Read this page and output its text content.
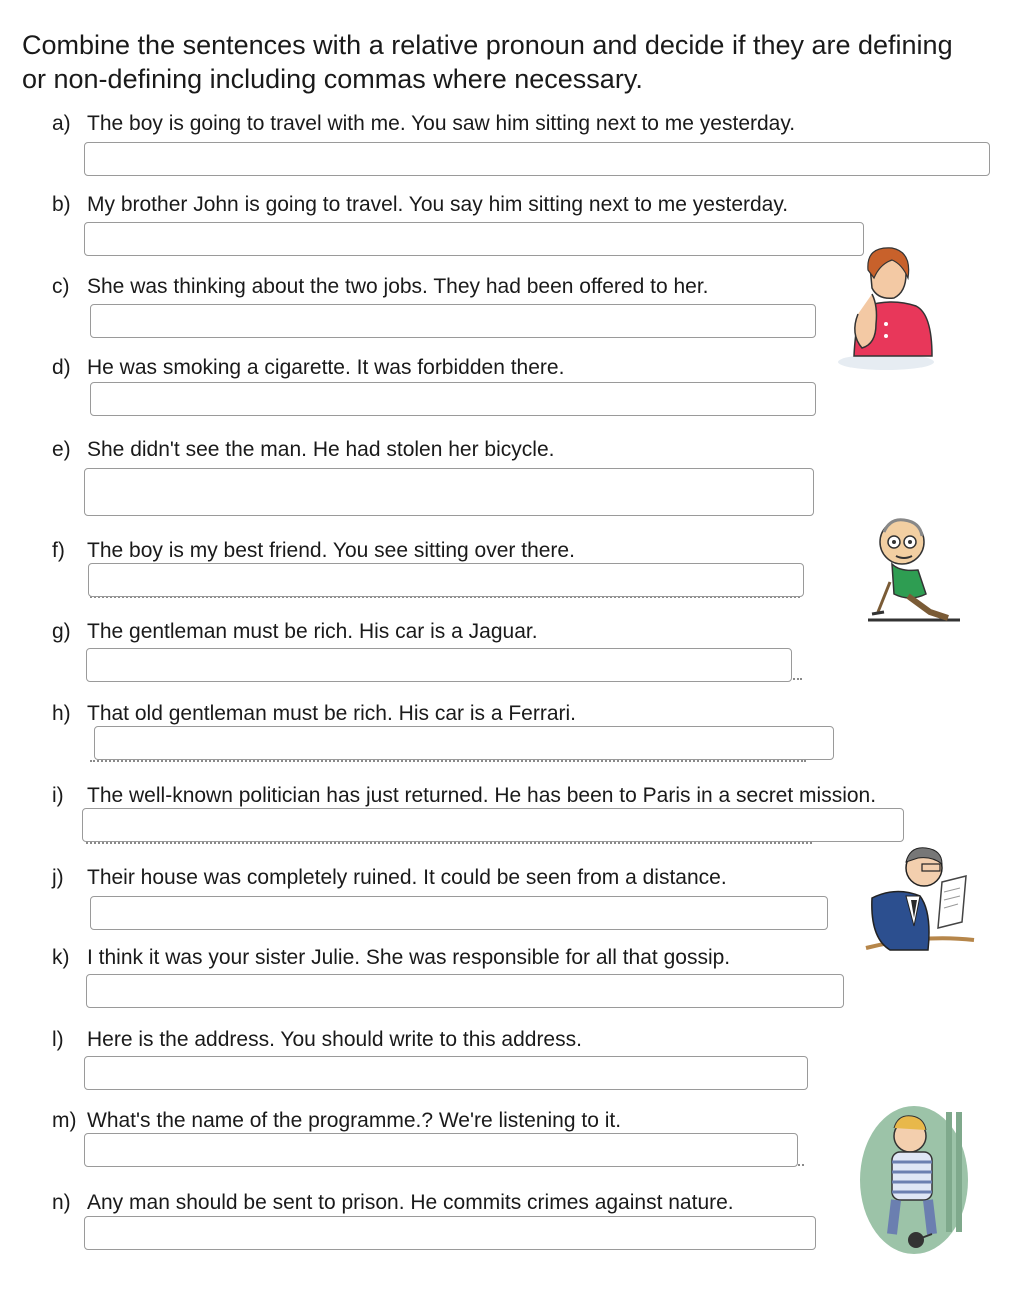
Combine the sentences with a relative pronoun and decide if they are defining or non-defining including commas where necessary.

a) The boy is going to travel with me. You saw him sitting next to me yesterday.
b) My brother John is going to travel. You say him sitting next to me yesterday.
c) She was thinking about the two jobs. They had been offered to her.
d) He was smoking a cigarette. It was forbidden there.
e) She didn't see the man. He had stolen her bicycle.
f) The boy is my best friend. You see sitting over there.
g) The gentleman must be rich. His car is a Jaguar.
h) That old gentleman must be rich. His car is a Ferrari.
i) The well-known politician has just returned. He has been to Paris in a secret mission.
j) Their house was completely ruined. It could be seen from a distance.
k) I think it was your sister Julie. She was responsible for all that gossip.
l) Here is the address. You should write to this address.
m) What's the name of the programme.? We're listening to it.
n) Any man should be sent to prison. He commits crimes against nature.
